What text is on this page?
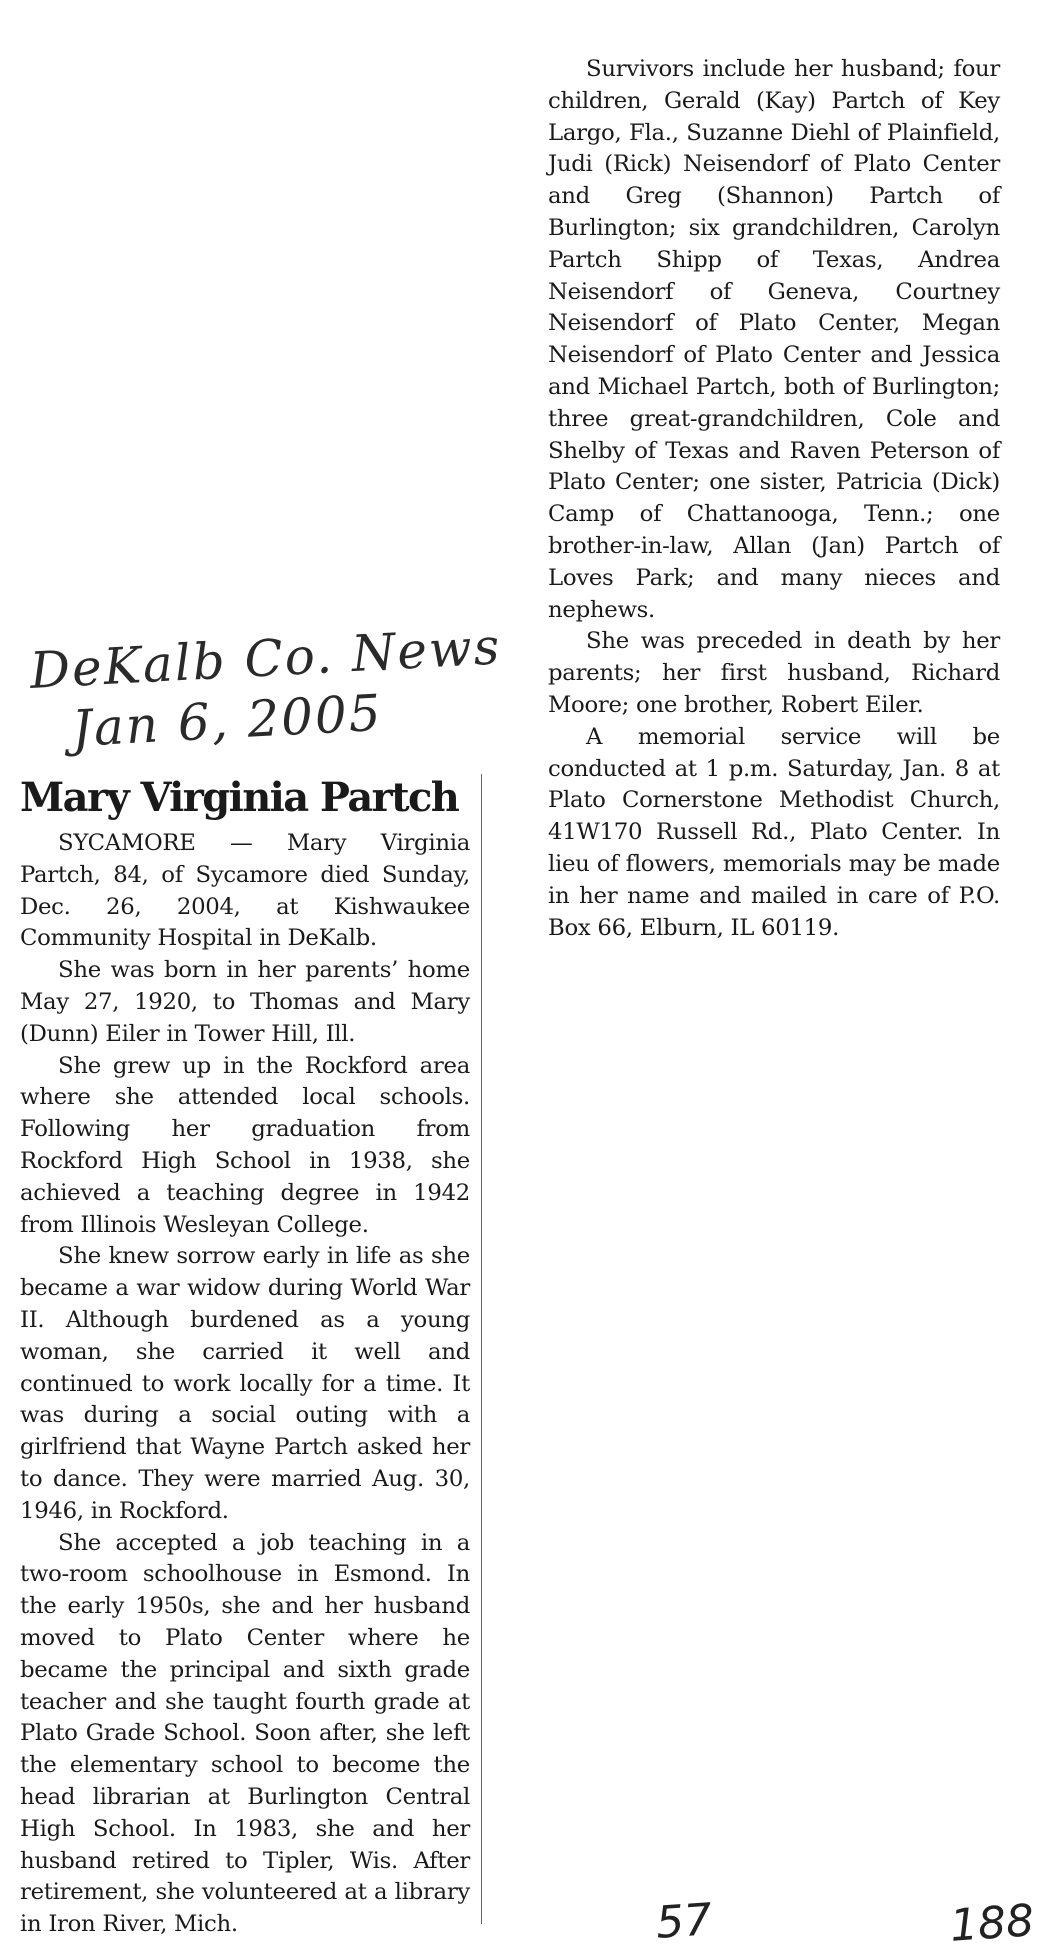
DeKalb Co. News
Jan 6, 2005
Mary Virginia Partch

SYCAMORE — Mary Virginia Partch, 84, of Sycamore died Sunday, Dec. 26, 2004, at Kishwaukee Community Hospital in DeKalb.

She was born in her parents’ home May 27, 1920, to Thomas and Mary (Dunn) Eiler in Tower Hill, Ill.

She grew up in the Rockford area where she attended local schools. Following her graduation from Rockford High School in 1938, she achieved a teaching degree in 1942 from Illinois Wesleyan College.

She knew sorrow early in life as she became a war widow during World War II. Although burdened as a young woman, she carried it well and continued to work locally for a time. It was during a social outing with a girlfriend that Wayne Partch asked her to dance. They were married Aug. 30, 1946, in Rockford.

She accepted a job teaching in a two-room schoolhouse in Esmond. In the early 1950s, she and her husband moved to Plato Center where he became the principal and sixth grade teacher and she taught fourth grade at Plato Grade School. Soon after, she left the elementary school to become the head librarian at Burlington Central High School. In 1983, she and her husband retired to Tipler, Wis. After retirement, she volunteered at a library in Iron River, Mich.

Survivors include her husband; four children, Gerald (Kay) Partch of Key Largo, Fla., Suzanne Diehl of Plainfield, Judi (Rick) Neisendorf of Plato Center and Greg (Shannon) Partch of Burlington; six grandchildren, Carolyn Partch Shipp of Texas, Andrea Neisendorf of Geneva, Courtney Neisendorf of Plato Center, Megan Neisendorf of Plato Center and Jessica and Michael Partch, both of Burlington; three great-grandchildren, Cole and Shelby of Texas and Raven Peterson of Plato Center; one sister, Patricia (Dick) Camp of Chattanooga, Tenn.; one brother-in-law, Allan (Jan) Partch of Loves Park; and many nieces and nephews.

She was preceded in death by her parents; her first husband, Richard Moore; one brother, Robert Eiler.

A memorial service will be conducted at 1 p.m. Saturday, Jan. 8 at Plato Cornerstone Methodist Church, 41W170 Russell Rd., Plato Center. In lieu of flowers, memorials may be made in her name and mailed in care of P.O. Box 66, Elburn, IL 60119.

57	188
